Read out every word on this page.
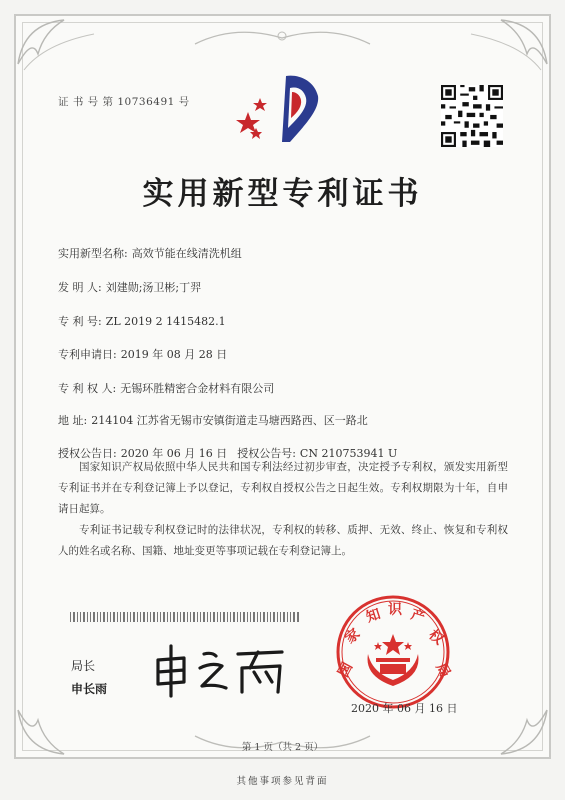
证 书 号 第 10736491 号
实用新型专利证书
实用新型名称: 高效节能在线清洗机组
发 明 人: 刘建勋;汤卫彬;丁羿
专 利 号: ZL 2019 2 1415482.1
专利申请日: 2019 年 08 月 28 日
专 利 权 人: 无锡环胜精密合金材料有限公司
地 址: 214104 江苏省无锡市安镇街道走马塘西路西、区一路北
授权公告日: 2020 年 06 月 16 日 授权公告号: CN 210753941 U

国家知识产权局依照中华人民共和国专利法经过初步审查，决定授予专利权，颁发实用新型专利证书并在专利登记簿上予以登记，专利权自授权公告之日起生效。专利权期限为十年，自申请日起算。

专利证书记载专利权登记时的法律状况，专利权的转移、质押、无效、终止、恢复和专利权人的姓名或名称、国籍、地址变更等事项记载在专利登记簿上。

局长
申长雨
国
家
知 识 产
权
局
2020 年 06 月 16 日
第 1 页（共 2 页）
其他事项参见背面
